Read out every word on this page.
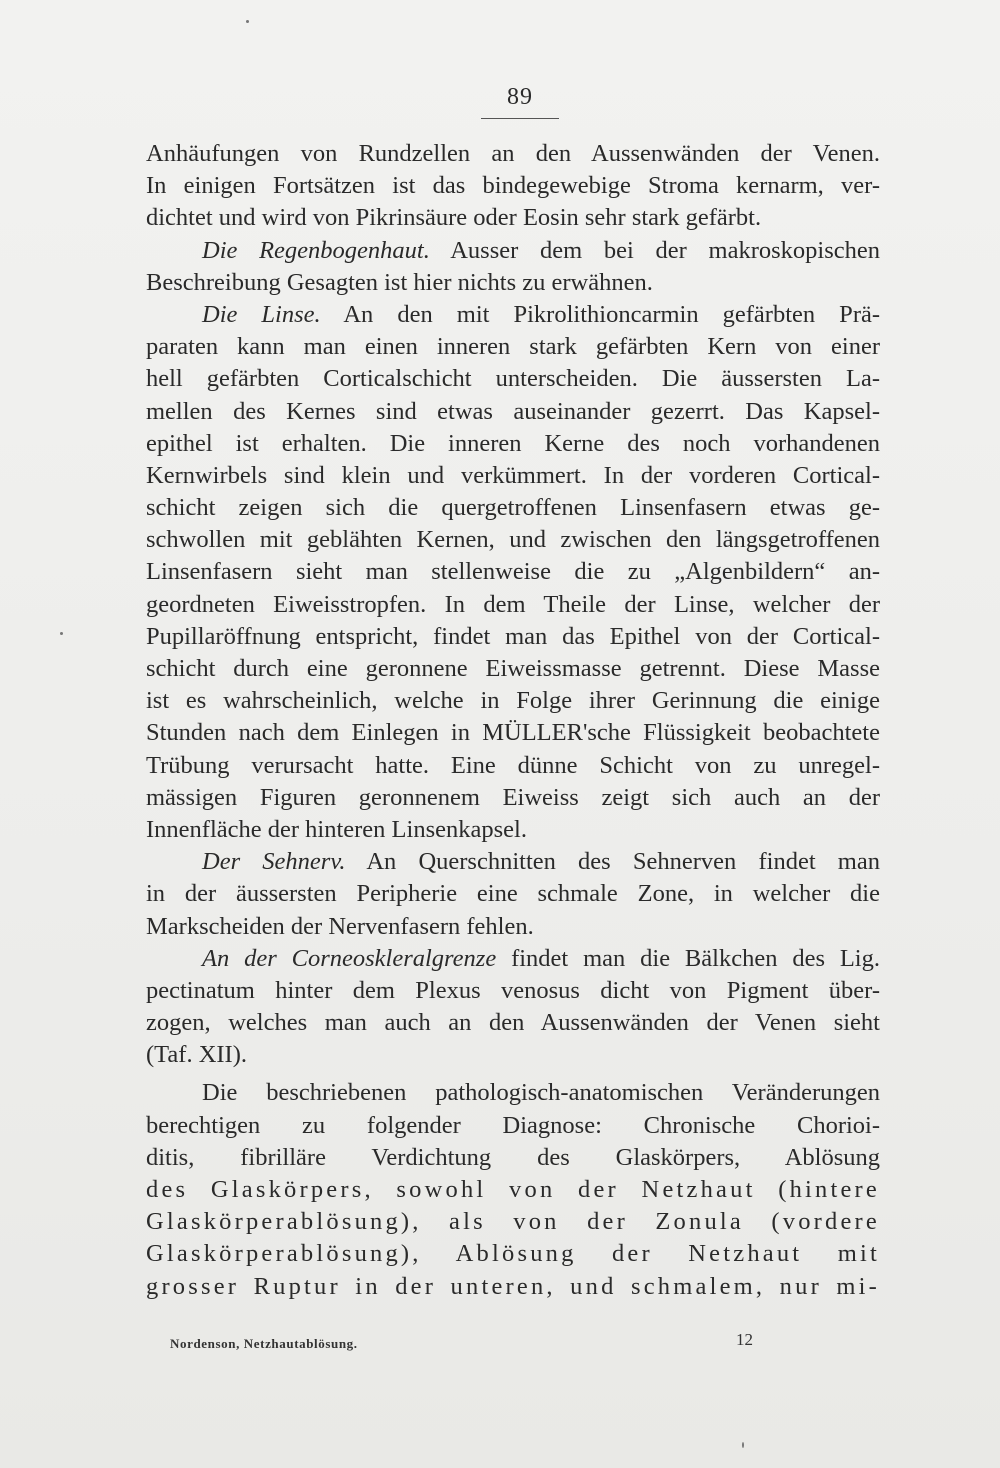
89
Anhäufungen von Rundzellen an den Aussenwänden der Venen.
In einigen Fortsätzen ist das bindegewebige Stroma kernarm, ver-
dichtet und wird von Pikrinsäure oder Eosin sehr stark gefärbt.
Die Regenbogenhaut. Ausser dem bei der makroskopischen
Beschreibung Gesagten ist hier nichts zu erwähnen.
Die Linse. An den mit Pikrolithioncarmin gefärbten Prä-
paraten kann man einen inneren stark gefärbten Kern von einer
hell gefärbten Corticalschicht unterscheiden. Die äussersten La-
mellen des Kernes sind etwas auseinander gezerrt. Das Kapsel-
epithel ist erhalten. Die inneren Kerne des noch vorhandenen
Kernwirbels sind klein und verkümmert. In der vorderen Cortical-
schicht zeigen sich die quergetroffenen Linsenfasern etwas ge-
schwollen mit geblähten Kernen, und zwischen den längsgetroffenen
Linsenfasern sieht man stellenweise die zu „Algenbildern“ an-
geordneten Eiweisstropfen. In dem Theile der Linse, welcher der
Pupillaröffnung entspricht, findet man das Epithel von der Cortical-
schicht durch eine geronnene Eiweissmasse getrennt. Diese Masse
ist es wahrscheinlich, welche in Folge ihrer Gerinnung die einige
Stunden nach dem Einlegen in MÜLLER'sche Flüssigkeit beobachtete
Trübung verursacht hatte. Eine dünne Schicht von zu unregel-
mässigen Figuren geronnenem Eiweiss zeigt sich auch an der
Innenfläche der hinteren Linsenkapsel.
Der Sehnerv. An Querschnitten des Sehnerven findet man
in der äussersten Peripherie eine schmale Zone, in welcher die
Markscheiden der Nervenfasern fehlen.
An der Corneoskleralgrenze findet man die Bälkchen des Lig.
pectinatum hinter dem Plexus venosus dicht von Pigment über-
zogen, welches man auch an den Aussenwänden der Venen sieht
(Taf. XII).
Die beschriebenen pathologisch-anatomischen Veränderungen
berechtigen zu folgender Diagnose: Chronische Chorioi-
ditis, fibrilläre Verdichtung des Glaskörpers, Ablösung
des Glaskörpers, sowohl von der Netzhaut (hintere
Glaskörperablösung), als von der Zonula (vordere
Glaskörperablösung), Ablösung der Netzhaut mit
grosser Ruptur in der unteren, und schmalem, nur mi-
Nordenson, Netzhautablösung.	12
